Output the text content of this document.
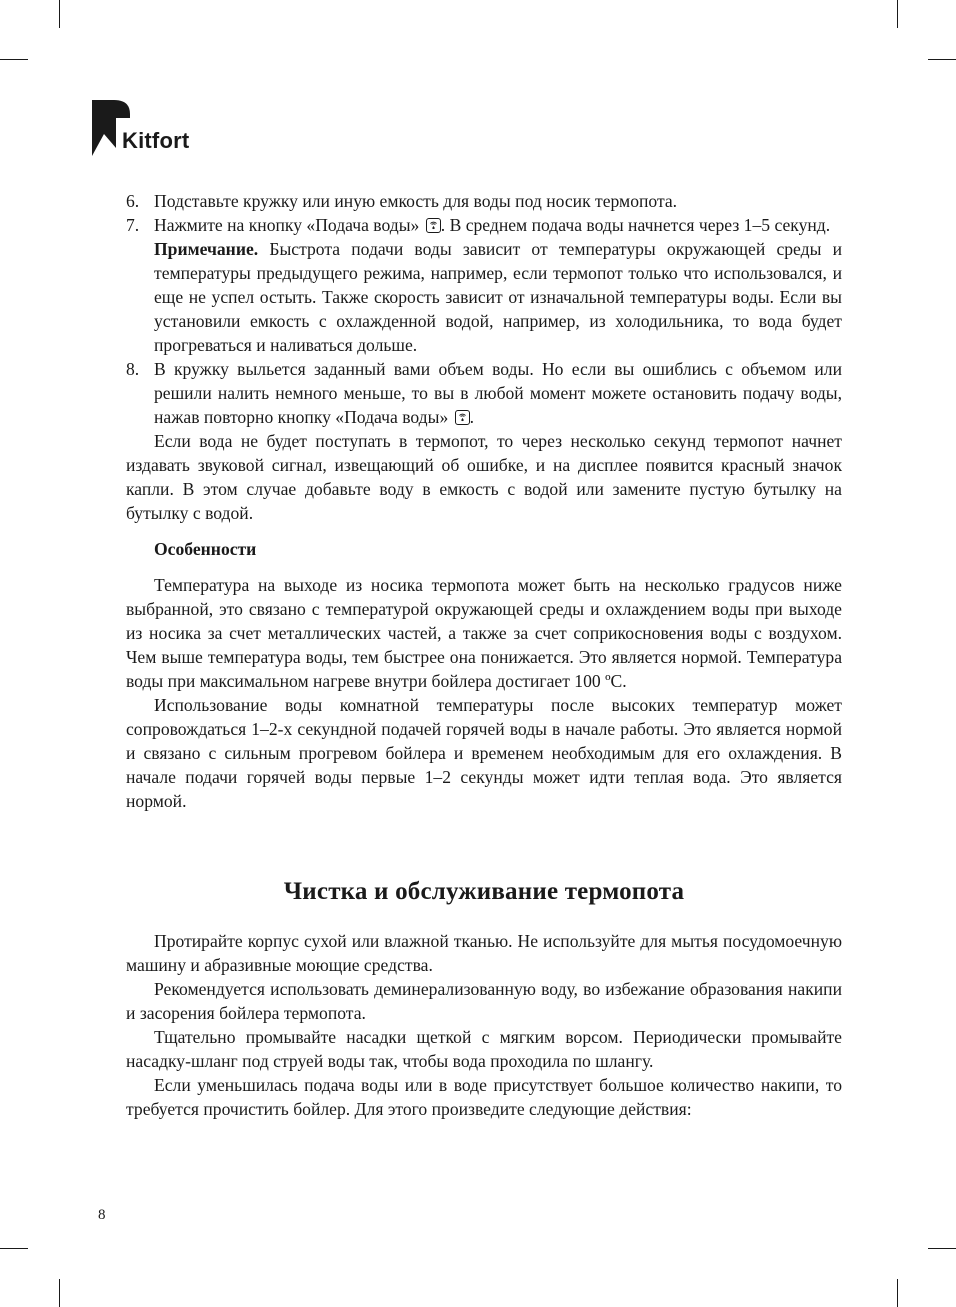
Kitfort

6. Подставьте кружку или иную емкость для воды под носик термопота.

7. Нажмите на кнопку «Подача воды» . В среднем подача воды начнется через 1–5 секунд.

Примечание. Быстрота подачи воды зависит от температуры окружающей среды и температуры предыдущего режима, например, если термопот только что использовался, и еще не успел остыть. Также скорость зависит от изначальной температуры воды. Если вы установили емкость с охлажденной водой, например, из холодильника, то вода будет прогреваться и наливаться дольше.

8. В кружку выльется заданный вами объем воды. Но если вы ошиблись с объемом или решили налить немного меньше, то вы в любой момент можете остановить подачу воды, нажав повторно кнопку «Подача воды» .

Если вода не будет поступать в термопот, то через несколько секунд термопот начнет издавать звуковой сигнал, извещающий об ошибке, и на дисплее появится красный значок капли. В этом случае добавьте воду в емкость с водой или замените пустую бутылку на бутылку с водой.

Особенности

Температура на выходе из носика термопота может быть на несколько градусов ниже выбранной, это связано с температурой окружающей среды и охлаждением воды при выходе из носика за счет металлических частей, а также за счет соприкосновения воды с воздухом. Чем выше температура воды, тем быстрее она понижается. Это является нормой. Температура воды при максимальном нагреве внутри бойлера достигает 100 ºС.

Использование воды комнатной температуры после высоких температур может сопровождаться 1–2-х секундной подачей горячей воды в начале работы. Это является нормой и связано с сильным прогревом бойлера и временем необходимым для его охлаждения. В начале подачи горячей воды первые 1–2 секунды может идти теплая вода. Это является нормой.

Чистка и обслуживание термопота

Протирайте корпус сухой или влажной тканью. Не используйте для мытья посудомоечную машину и абразивные моющие средства.

Рекомендуется использовать деминерализованную воду, во избежание образования накипи и засорения бойлера термопота.

Тщательно промывайте насадки щеткой с мягким ворсом. Периодически промывайте насадку-шланг под струей воды так, чтобы вода проходила по шлангу.

Если уменьшилась подача воды или в воде присутствует большое количество накипи, то требуется прочистить бойлер. Для этого произведите следующие действия:

8
